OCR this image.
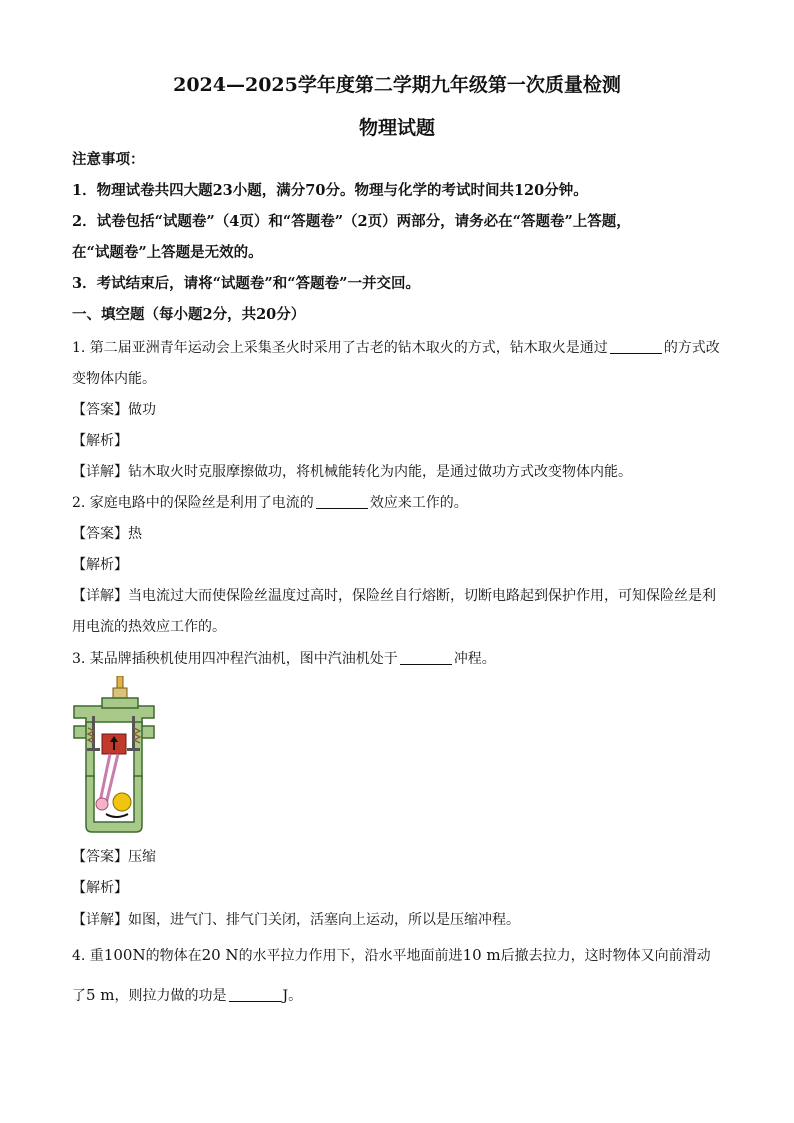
2024—2025学年度第二学期九年级第一次质量检测
物理试题
注意事项：
1．物理试卷共四大题23小题，满分70分。物理与化学的考试时间共120分钟。
2．试卷包括“试题卷”（4页）和“答题卷”（2页）两部分，请务必在“答题卷”上答题，
在“试题卷”上答题是无效的。
3．考试结束后，请将“试题卷”和“答题卷”一并交回。
一、填空题（每小题2分，共20分）
1. 第二届亚洲青年运动会上采集圣火时采用了古老的钻木取火的方式，钻木取火是通过	的方式改
变物体内能。
【答案】做功
【解析】
【详解】钻木取火时克服摩擦做功，将机械能转化为内能，是通过做功方式改变物体内能。
2. 家庭电路中的保险丝是利用了电流的	效应来工作的。
【答案】热
【解析】
【详解】当电流过大而使保险丝温度过高时，保险丝自行熔断，切断电路起到保护作用，可知保险丝是利
用电流的热效应工作的。
3. 某品牌插秧机使用四冲程汽油机，图中汽油机处于	冲程。
【答案】压缩
【解析】
【详解】如图，进气门、排气门关闭，活塞向上运动，所以是压缩冲程。
4. 重100N的物体在20 N的水平拉力作用下，沿水平地面前进10 m后撤去拉力，这时物体又向前滑动
了5 m，则拉力做的功是	J。
